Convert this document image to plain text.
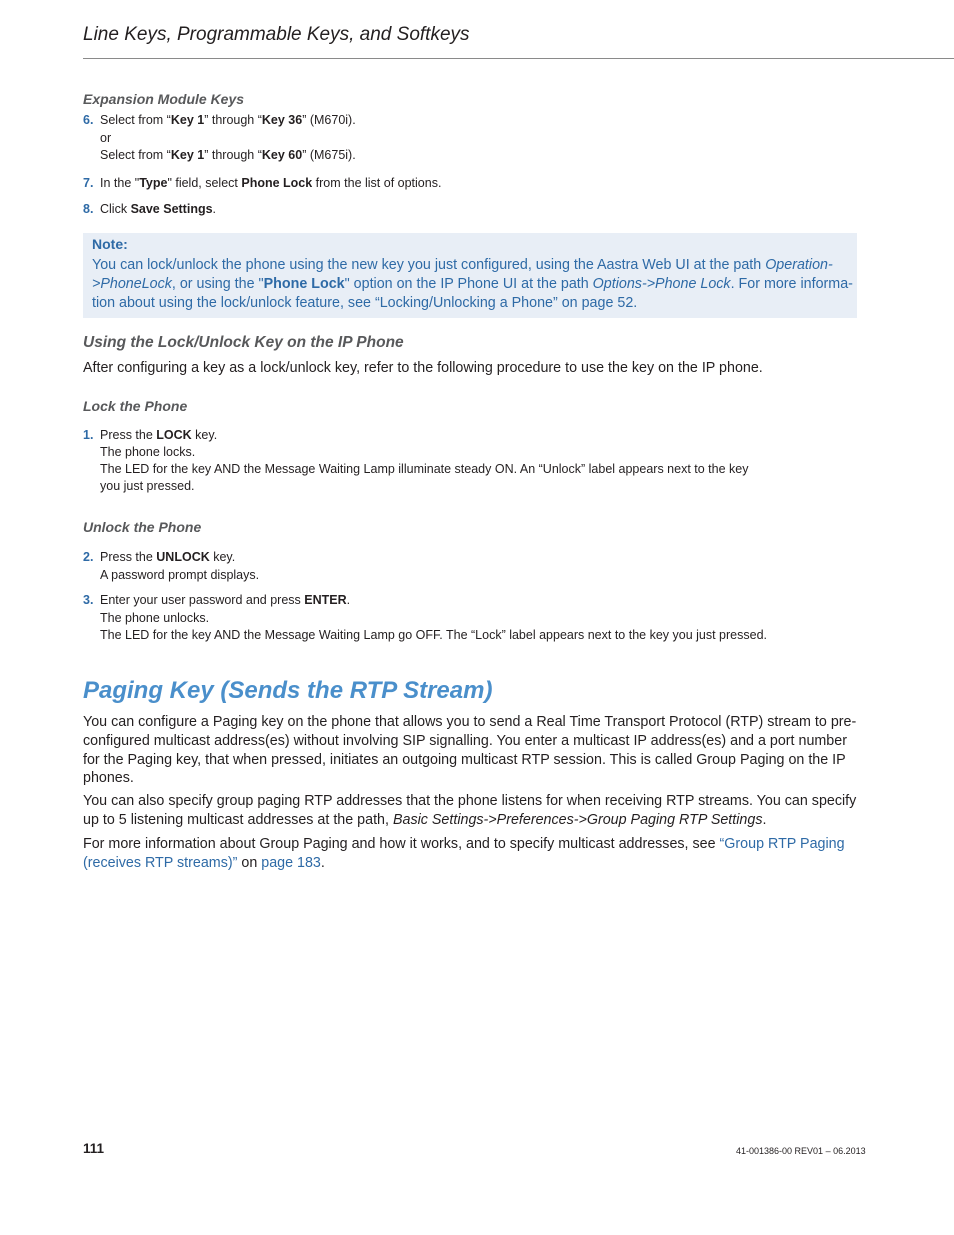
Line Keys, Programmable Keys, and Softkeys
Expansion Module Keys
6. Select from “Key 1” through “Key 36” (M670i).
or
Select from “Key 1” through “Key 60” (M675i).
7. In the "Type" field, select Phone Lock from the list of options.
8. Click Save Settings.
Note:
You can lock/unlock the phone using the new key you just configured, using the Aastra Web UI at the path Operation-
>PhoneLock, or using the "Phone Lock" option on the IP Phone UI at the path Options->Phone Lock. For more informa-
tion about using the lock/unlock feature, see “Locking/Unlocking a Phone” on page 52.
Using the Lock/Unlock Key on the IP Phone
After configuring a key as a lock/unlock key, refer to the following procedure to use the key on the IP phone.
Lock the Phone
1. Press the LOCK key.
The phone locks.
The LED for the key AND the Message Waiting Lamp illuminate steady ON. An “Unlock” label appears next to the key
you just pressed.
Unlock the Phone
2. Press the UNLOCK key.
A password prompt displays.
3. Enter your user password and press ENTER.
The phone unlocks.
The LED for the key AND the Message Waiting Lamp go OFF. The “Lock” label appears next to the key you just pressed.
Paging Key (Sends the RTP Stream)
You can configure a Paging key on the phone that allows you to send a Real Time Transport Protocol (RTP) stream to pre-
configured multicast address(es) without involving SIP signalling. You enter a multicast IP address(es) and a port number
for the Paging key, that when pressed, initiates an outgoing multicast RTP session. This is called Group Paging on the IP
phones.
You can also specify group paging RTP addresses that the phone listens for when receiving RTP streams. You can specify
up to 5 listening multicast addresses at the path, Basic Settings->Preferences->Group Paging RTP Settings.
For more information about Group Paging and how it works, and to specify multicast addresses, see “Group RTP Paging
(receives RTP streams)” on page 183.
111	41-001386-00 REV01 – 06.2013
